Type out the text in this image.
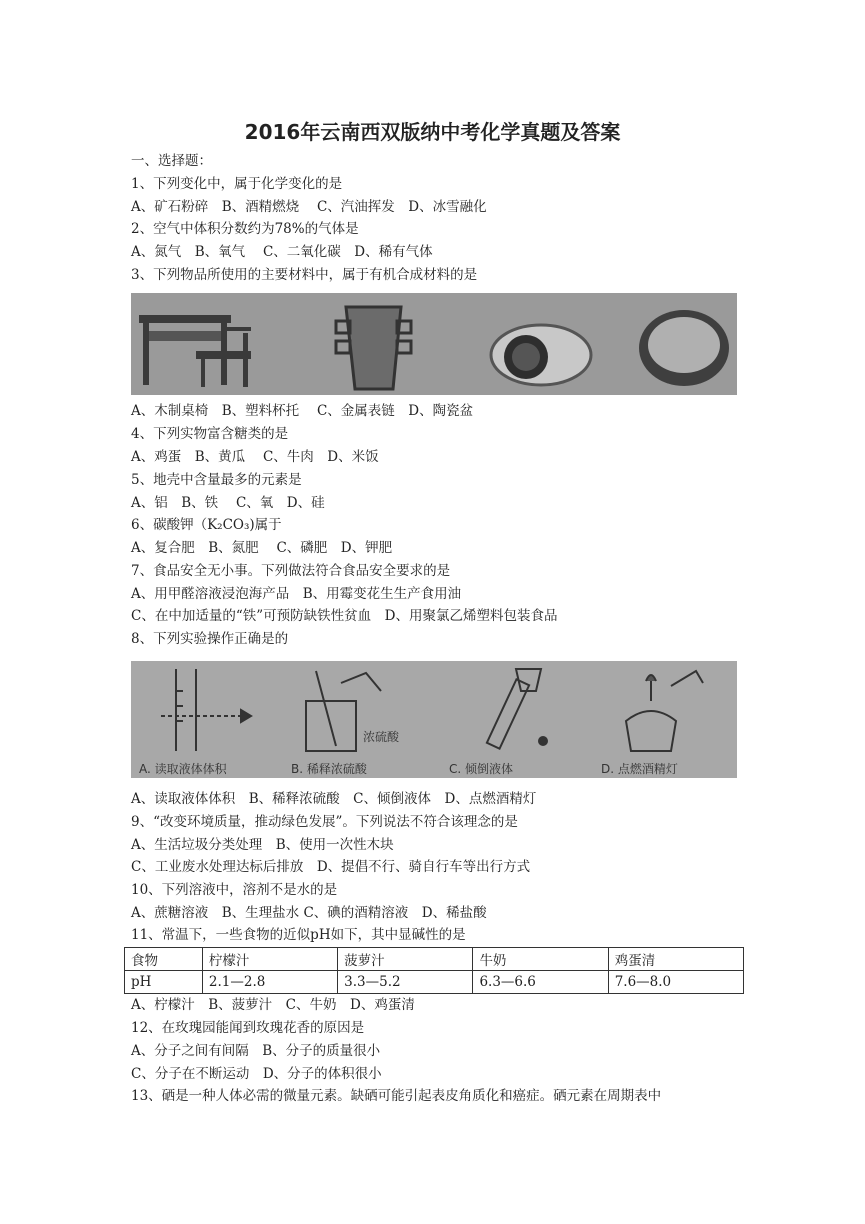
2016年云南西双版纳中考化学真题及答案
一、选择题：
1、下列变化中，属于化学变化的是
A、矿石粉碎　B、酒精燃烧　 C、汽油挥发　D、冰雪融化
2、空气中体积分数约为78%的气体是
A、氮气　B、氧气　 C、二氧化碳　D、稀有气体
3、下列物品所使用的主要材料中，属于有机合成材料的是
A、木制桌椅　B、塑料杯托　 C、金属表链　D、陶瓷盆
4、下列实物富含糖类的是
A、鸡蛋　B、黄瓜　 C、牛肉　D、米饭
5、地壳中含量最多的元素是
A、铝　B、铁　 C、氧　D、硅
6、碳酸钾（K₂CO₃)属于
A、复合肥　B、氮肥　 C、磷肥　D、钾肥
7、食品安全无小事。下列做法符合食品安全要求的是
A、用甲醛溶液浸泡海产品　B、用霉变花生生产食用油
C、在中加适量的“铁”可预防缺铁性贫血　D、用聚氯乙烯塑料包装食品
8、下列实验操作正确是的
浓硫酸
A. 读取液体体积	B. 稀释浓硫酸	C. 倾倒液体	D. 点燃酒精灯
A、读取液体体积　B、稀释浓硫酸　C、倾倒液体　D、点燃酒精灯
9、“改变环境质量，推动绿色发展”。下列说法不符合该理念的是
A、生活垃圾分类处理　B、使用一次性木块
C、工业废水处理达标后排放　D、提倡不行、骑自行车等出行方式
10、下列溶液中，溶剂不是水的是
A、蔗糖溶液　B、生理盐水 C、碘的酒精溶液　D、稀盐酸
11、常温下，一些食物的近似pH如下，其中显碱性的是
食物	柠檬汁	菠萝汁	牛奶	鸡蛋清
pH	2.1—2.8	3.3—5.2	6.3—6.6	7.6—8.0
A、柠檬汁　B、菠萝汁　C、牛奶　D、鸡蛋清
12、在玫瑰园能闻到玫瑰花香的原因是
A、分子之间有间隔　B、分子的质量很小
C、分子在不断运动　D、分子的体积很小
13、硒是一种人体必需的微量元素。缺硒可能引起表皮角质化和癌症。硒元素在周期表中
